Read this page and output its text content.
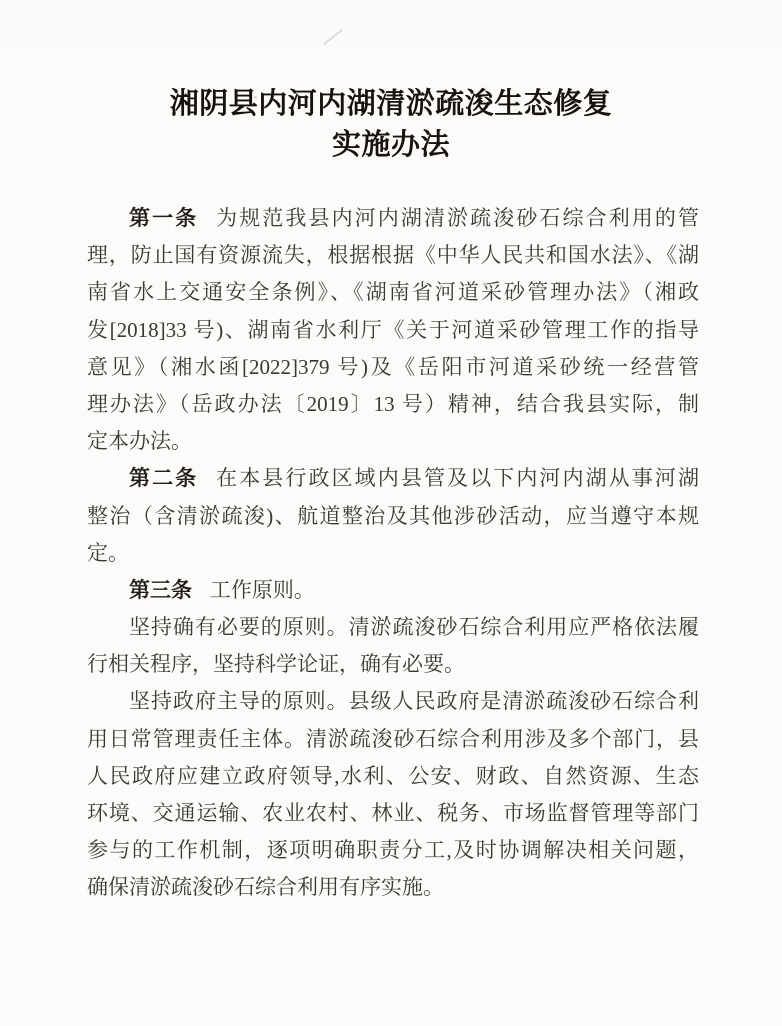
湘阴县内河内湖清淤疏浚生态修复
实施办法
第一条 为规范我县内河内湖清淤疏浚砂石综合利用的管
理，防止国有资源流失，根据根据《中华人民共和国水法》、《湖
南省水上交通安全条例》、《湖南省河道采砂管理办法》（湘政
发[2018]33 号)、湖南省水利厅《关于河道采砂管理工作的指导
意见》（湘水函[2022]379 号)及《岳阳市河道采砂统一经营管
理办法》（岳政办法〔2019〕13 号）精神，结合我县实际，制
定本办法。
第二条 在本县行政区域内县管及以下内河内湖从事河湖
整治（含清淤疏浚)、航道整治及其他涉砂活动，应当遵守本规
定。
第三条 工作原则。
坚持确有必要的原则。清淤疏浚砂石综合利用应严格依法履
行相关程序，坚持科学论证，确有必要。
坚持政府主导的原则。县级人民政府是清淤疏浚砂石综合利
用日常管理责任主体。清淤疏浚砂石综合利用涉及多个部门，县
人民政府应建立政府领导,水利、公安、财政、自然资源、生态
环境、交通运输、农业农村、林业、税务、市场监督管理等部门
参与的工作机制，逐项明确职责分工,及时协调解决相关问题，
确保清淤疏浚砂石综合利用有序实施。
